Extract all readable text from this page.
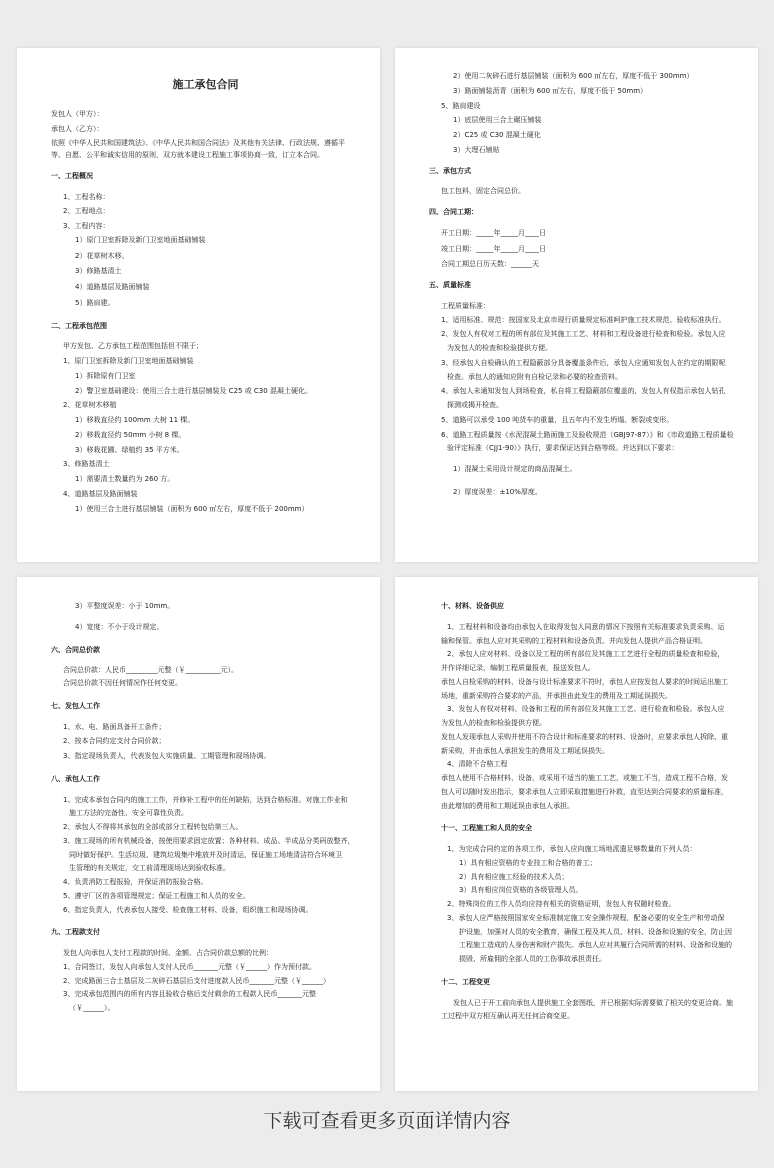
施工承包合同
发包人（甲方）：
承包人（乙方）：
依照《中华人民共和国建筑法》、《中华人民共和国合同法》及其他有关法律、行政法规、遵循平
等、自愿、公平和诚实信用的原则，双方就本建设工程施工事项协商一致，订立本合同。
一、工程概况
1、工程名称：
2、工程地点：
3、工程内容：
1）原门卫室拆除及新门卫室地面基础铺装
2）花草树木移。
3）修路基清土
4）道路基层及路面铺装
5）路肩建。
二、工程承包范围
甲方发包、乙方承包工程范围包括但不限于；
1、原门卫室拆除及新门卫室地面基础铺装
1）拆除原有门卫室
2）警卫室基础建设：使用三合土进行基层铺装及 C25 或 C30 混凝土硬化。
2、花草树木移植
1）移栽直径约 100mm 大树 11 棵。
2）移栽直径约 50mm 小树 8 棵。
3）移栽花圃、绿植约 35 平方米。
3、修路基清土
1）需要清土数量约为 260 方。
4、道路基层及路面铺装
1）使用三合土进行基层铺装（面积为 600 ㎡左右，厚度不低于 200mm）
2）使用二灰碎石进行基层铺装（面积为 600 ㎡左右，厚度不低于 300mm）
3）路面铺装沥青（面积为 600 ㎡左右，厚度不低于 50mm）
5、路肩建设
1）底层使用三合土碾压铺装
2）C25 或 C30 混凝土硬化
3）大理石铺贴
三、承包方式
包工包料，固定合同总价。
四、合同工期：
开工日期：_____年_____月____日
竣工日期：_____年_____月____日
合同工期总日历天数：______天
五、质量标准
工程质量标准：
1、适用标准、规范：按国家及北京市现行质量规定标准呵护施工技术规范、验收标准执行。
2、发包人有权对工程的所有部位及其施工工艺、材料和工程设备进行检查和检验。承包人应
为发包人的检查和检验提供方便。
3、经承包人自检确认的工程隐蔽部分具备覆盖条件后，承包人应通知发包人在约定的期限呢
检查。承包人的通知应附有自检记录和必要的检查资料。
4、承包人未通知发包人到场检查，私自将工程隐蔽部位覆盖的，发包人有权指示承包人钻孔
探测或揭开检查。
5、道路可以承受 100 吨货车的重量，且五年内不发生坍塌、断裂或变形。
6、道路工程质量按《水泥混凝土路面施工及验收规范（GBJ97-87）》和《市政道路工程质量检
验评定标准（CJJ1-90）》执行，要求保证达到合格等级。并达到以下要求：
1）混凝土采用设计规定的商品混凝土。
2）厚度误差：±10%厚度。
3）平整度误差：小于 10mm。
4）宽度：不小于设计规定。
六、合同总价款
合同总价款：人民币_________元整（￥__________元）。
合同总价款不因任何情况作任何变更。
七、发包人工作
1、水、电、路面具备开工条件；
2、按本合同约定支付合同价款；
3、指定现场负责人，代表发包人实施质量、工期管理和现场协调。
八、承包人工作
1、完成本承包合同内的施工工作，并修补工程中的任何缺陷，达到合格标准。对施工作业和
施工方法的完备性、安全可靠性负责。
2、承包人不得将其承包的全部或部分工程转包给第三人。
3、施工现场的所有机械设备，按使用要求固定放置；各种材料、成品、半成品分类码放整齐，
同时做好保护。生活垃圾、建筑垃圾集中堆放并及时清运，保证施工场地清洁符合环境卫
生管理的有关规定，交工前清理现场达到验收标准。
4、负责消防工程报验，并保证消防报验合格。
5、遵守厂区的各项管理规定；保证工程施工和人员的安全。
6、指定负责人，代表承包人接受、检查施工材料、设备，组织施工和现场协调。
九、工程款支付
发包人向承包人支付工程款的时间、金额、占合同价款总额的比例：
1、合同签订，发包人向承包人支付人民币_______元整（￥______）作为预付款。
2、完成路面三合土基层及二灰碎石基层后支付进度款人民币_______元整（￥______）
3、完成承包范围内的所有内容且验收合格后支付剩余的工程款人民币_______元整
（￥______）。
十、材料、设备供应
1、工程材料和设备均由承包人在取得发包人同意的情况下按照有关标准要求负责采购、运
输和保管。承包人应对其采购的工程材料和设备负责。并向发包人提供产品合格证明。
2、承包人应对材料、设备以及工程的所有部位及其施工工艺进行全程的质量检查和检验，
并作详细记录，编制工程质量报表，报送发包人。
承包人自检采购的材料、设备与设计标准要求不符时，承包人应按发包人要求的时间运出施工
场地，重新采购符合要求的产品，并承担由此发生的费用及工期延误损失。
3、发包人有权对材料、设备和工程的所有部位及其施工工艺、进行检查和检验。承包人应
为发包人的检查和检验提供方便。
发包人发现承包人采购并使用不符合设计和标准要求的材料、设备时，应要求承包人拆除、重
新采购，并由承包人承担发生的费用及工期延误损失。
4、清除不合格工程
承包人使用不合格材料、设备，或采用不适当的施工工艺，或施工不当，造成工程不合格，发
包人可以随时发出指示，要求承包人立即采取措施进行补救，直至达到合同要求的质量标准，
由此增加的费用和工期延误由承包人承担。
十一、工程施工和人员的安全
1、为完成合同约定的各项工作，承包人应向施工场地派遣足够数量的下列人员：
1）具有相应资格的专业技工和合格的普工；
2）具有相应施工经验的技术人员；
3）具有相应岗位资格的各级管理人员。
2、特殊岗位的工作人员均应持有相关的资格证明，发包人有权随时检查。
3、承包人应严格按照国家安全标准制定施工安全操作规程，配备必要的安全生产和劳动保
护设施，加强对人员的安全教育，确保工程及其人员、材料、设备和设施的安全，防止因
工程施工造成的人身伤害和财产损失。承包人应对其履行合同所需的材料、设备和设施的
损毁、所雇佣的全部人员的工伤事故承担责任。
十二、工程变更
发包人已于开工前向承包人提供施工全套图纸，并已根据实际需要做了相关的变更洽商。施
工过程中双方相互确认再无任何洽商变更。
下载可查看更多页面详情内容
